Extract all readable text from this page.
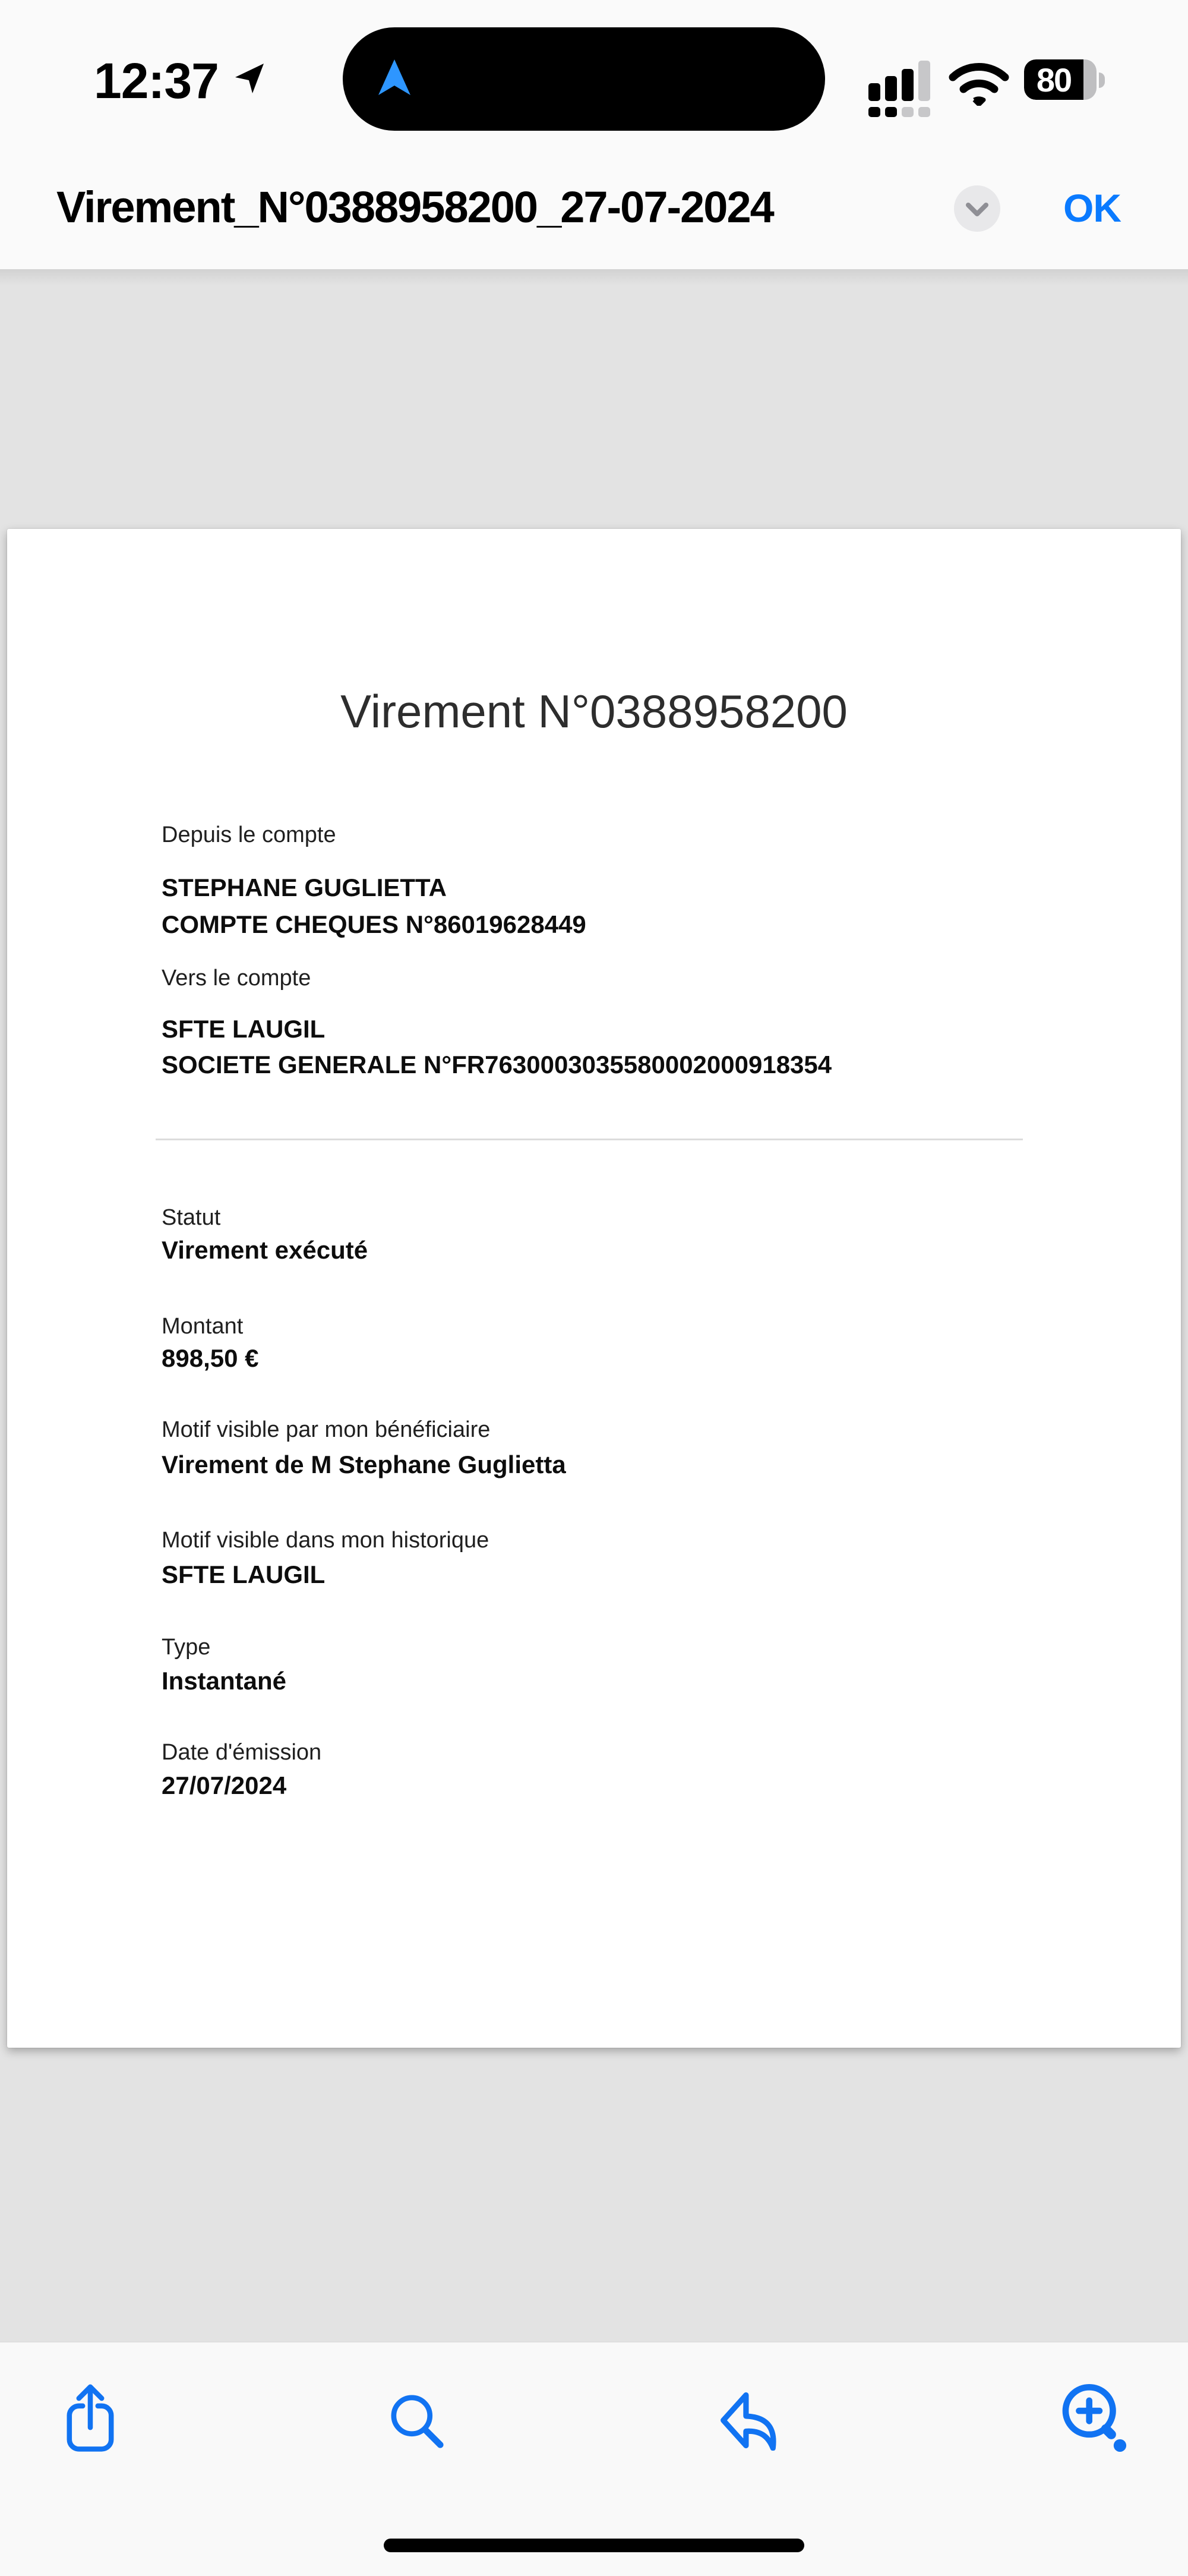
12:37	80
Virement_N°0388958200_27-07-2024	OK
Virement N°0388958200
Depuis le compte
STEPHANE GUGLIETTA
COMPTE CHEQUES N°86019628449
Vers le compte
SFTE LAUGIL
SOCIETE GENERALE N°FR7630003035580002000918354
Statut
Virement exécuté
Montant
898,50 €
Motif visible par mon bénéficiaire
Virement de M Stephane Guglietta
Motif visible dans mon historique
SFTE LAUGIL
Type
Instantané
Date d'émission
27/07/2024
